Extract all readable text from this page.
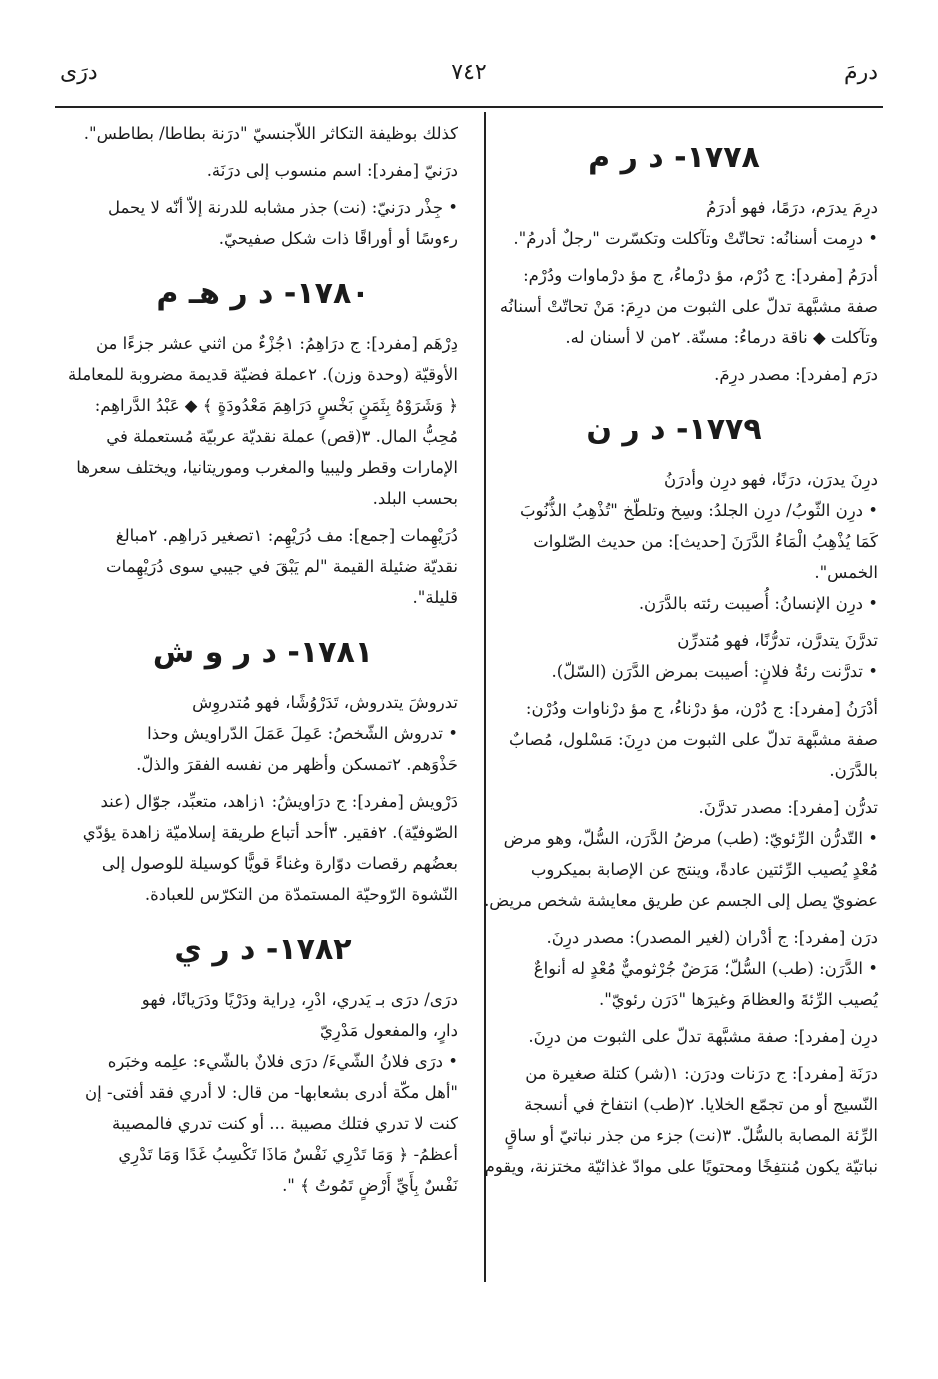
درمَ
٧٤٢
درَى
١٧٧٨- د ر م

درِمَ يدرَم، درَمًا، فهو أدرَمُ

• درِمت أسنانُه: تحاتّتْ وتآكلت وتكسّرت "رجلٌ أدرمُ".

أدرَمُ [مفرد]: ج دُرْم، مؤ درْماءُ، ج مؤ درْماوات ودُرْم:

صفة مشبَّهة تدلّ على الثبوت من درِمَ: مَنْ تحاتّتْ أسنانُه

وتآكلت ◆ ناقة درماءُ: مسنّة. ٢من لا أسنان له.

درَم [مفرد]: مصدر درِمَ.

١٧٧٩- د ر ن

درِنَ يدرَن، درَنًا، فهو درِن وأدرَنُ

• درِن الثّوبُ/ درِن الجلدُ: وسِخ وتلطّخ "تُذْهِبُ الذُّنُوبَ

كَمَا يُذْهِبُ الْمَاءُ الدَّرَنَ [حديث]: من حديث الصّلوات

الخمس".

• درِن الإنسانُ: أُصيبت رئته بالدَّرَن.

تدرَّنَ يتدرَّن، تدرُّنًا، فهو مُتدرِّن

• تدرَّنت رئةُ فلانٍ: أصيبت بمرض الدَّرَن (السّلّ).

أدْرَنُ [مفرد]: ج دُرْن، مؤ درْناءُ، ج مؤ درْناوات ودُرْن:

صفة مشبَّهة تدلّ على الثبوت من درِنَ: مَسْلول، مُصابٌ

بالدَّرَن.

تدرُّن [مفرد]: مصدر تدرَّنَ.

• التّدرُّن الرِّئويّ: (طب) مرضُ الدَّرَن، السُّلّ، وهو مرض

مُعْدٍ يُصيب الرِّئتين عادةً، وينتج عن الإصابة بميكروب

عضويّ يصل إلى الجسم عن طريق معايشة شخص مريض.

درَن [مفرد]: ج أدْران (لغير المصدر): مصدر درِنَ.

• الدَّرَن: (طب) السُّلّ؛ مَرَضٌ جُرْثوميٌّ مُعْدٍ له أنواعٌ

يُصيب الرِّئةَ والعظامَ وغيرَها "دَرَن رئويّ".

درِن [مفرد]: صفة مشبَّهة تدلّ على الثبوت من درِنَ.

درَنَة [مفرد]: ج درَنات ودرَن: ١(شر) كتلة صغيرة من

النّسيج أو من تجمّع الخلايا. ٢(طب) انتفاخ في أنسجة

الرِّئة المصابة بالسُّلّ. ٣(نت) جزء من جذر نباتيّ أو ساقٍ

نباتيّة يكون مُنتفِخًا ومحتويًا على موادّ غذائيّة مختزنة، ويقوم

كذلك بوظيفة التكاثر اللاّجنسيّ "درَنة بطاطا/ بطاطس".

درَنيّ [مفرد]: اسم منسوب إلى درَنَة.

• جِذْر درَنيّ: (نت) جذر مشابه للدرنة إلاّ أنّه لا يحمل

رءوسًا أو أوراقًا ذات شكل صفيحيّ.

١٧٨٠- د ر هـ م

دِرْهَم [مفرد]: ج درَاهِمُ: ١جُزْءٌ من اثني عشر جزءًا من

الأوقيّة (وحدة وزن). ٢عملة فضيّة قديمة مضروبة للمعاملة

﴿ وَشَرَوْهُ بِثَمَنٍ بَخْسٍ دَرَاهِمَ مَعْدُودَةٍ ﴾ ◆ عَبْدُ الدَّراهِم:

مُحِبُّ المال. ٣(قص) عملة نقديّة عربيّة مُستعملة في

الإمارات وقطر وليبيا والمغرب وموريتانيا، ويختلف سعرها

بحسب البلد.

دُرَيْهِمات [جمع]: مف دُرَيْهِم: ١تصغير دَراهِم. ٢مبالغ

نقديّة ضئيلة القيمة "لم يَبْقَ في جيبي سوى دُرَيْهِمات

قليلة".

١٧٨١- د ر و ش

تدروشَ يتدروش، تَدَرْوُشًا، فهو مُتدروِش

• تدروش الشّخصُ: عَمِلَ عَمَلَ الدّراويش وحذا

حَذْوَهم. ٢تمسكن وأظهر من نفسه الفقرَ والذلّ.

دَرْويش [مفرد]: ج درَاويشُ: ١زاهد، متعبِّد، جوّال (عند

الصّوفيّة). ٢فقير. ٣أحد أتباع طريقة إسلاميّة زاهدة يؤدّي

بعضُهم رقصات دوّارة وغناءً قويًّا كوسيلة للوصول إلى

النّشوة الرّوحيّة المستمدّة من التكرّس للعبادة.

١٧٨٢- د ر ي

درَى/ درَى بـ يَدري، ادْرِ، دِراية ودَرْيًا ودَرَيانًا، فهو

دارٍ، والمفعول مَدْرِيّ

• درَى فلانُ الشّيءَ/ درَى فلانٌ بالشّيء: علِمه وخبَره

"أهل مكّة أدرى بشعابها- من قال: لا أدري فقد أفتى- إن

كنت لا تدري فتلك مصيبة ... أو كنت تدري فالمصيبة

أعظمُ- ﴿ وَمَا تَدْرِي نَفْسٌ مَاذَا تَكْسِبُ غَدًا وَمَا تَدْرِي

نَفْسٌ بِأَيِّ أَرْضٍ تَمُوتُ ﴾ ".
